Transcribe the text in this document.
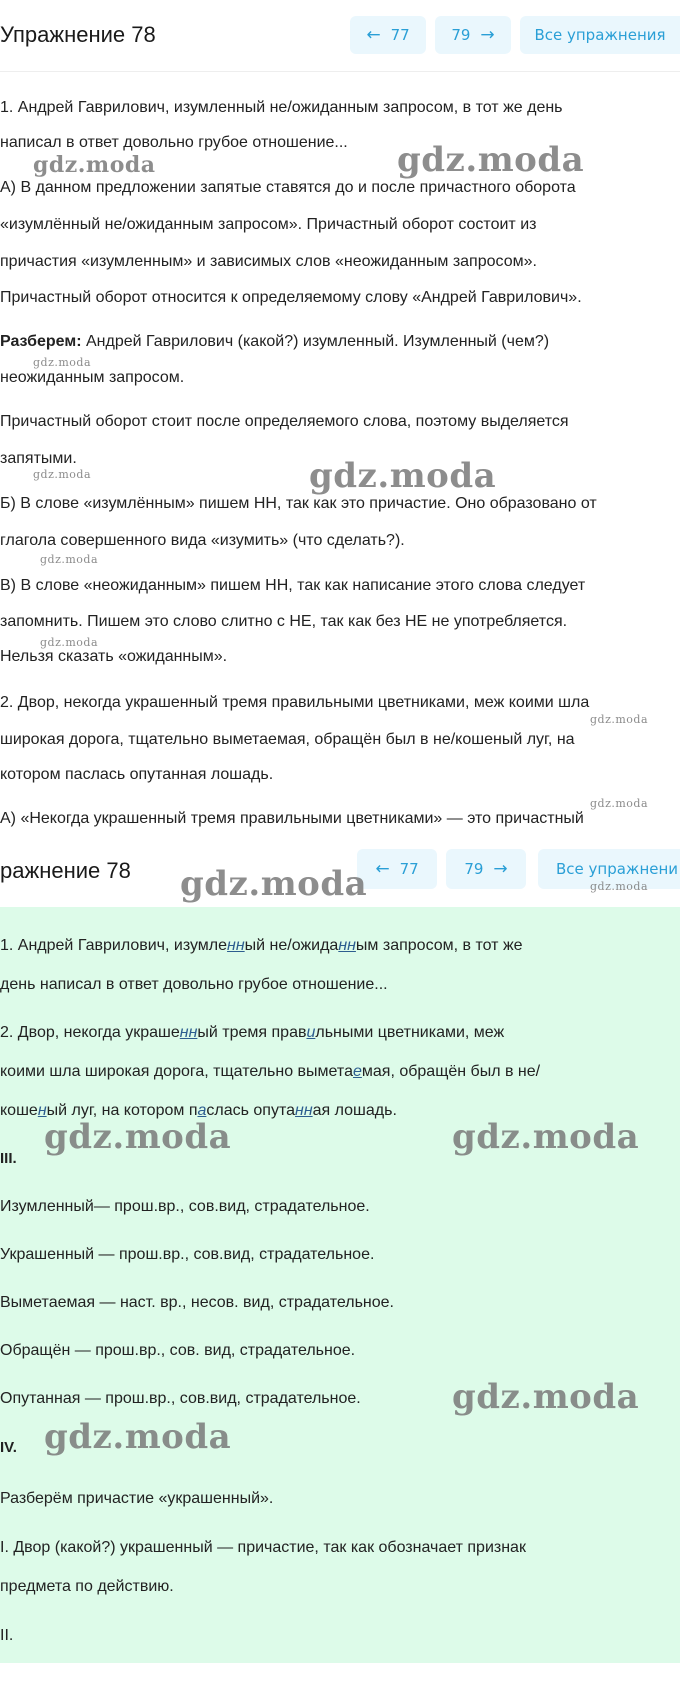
Упражнение 78	← 77	79 →	Все упражнения
1. Андрей Гаврилович, изумленный не/ожиданным запросом, в тот же день
написал в ответ довольно грубое отношение...
А) В данном предложении запятые ставятся до и после причастного оборота
«изумлённый не/ожиданным запросом». Причастный оборот состоит из
причастия «изумленным» и зависимых слов «неожиданным запросом».
Причастный оборот относится к определяемому слову «Андрей Гаврилович».
Разберем: Андрей Гаврилович (какой?) изумленный. Изумленный (чем?)
неожиданным запросом.
Причастный оборот стоит после определяемого слова, поэтому выделяется
запятыми.
Б) В слове «изумлённым» пишем НН, так как это причастие. Оно образовано от
глагола совершенного вида «изумить» (что сделать?).
В) В слове «неожиданным» пишем НН, так как написание этого слова следует
запомнить. Пишем это слово слитно с НЕ, так как без НЕ не употребляется.
Нельзя сказать «ожиданным».
2. Двор, некогда украшенный тремя правильными цветниками, меж коими шла
широкая дорога, тщательно выметаемая, обращён был в не/кошеный луг, на
котором паслась опутанная лошадь.
А) «Некогда украшенный тремя правильными цветниками» — это причастный
gdz.moda	gdz.moda
gdz.moda
gdz.moda	gdz.moda
gdz.moda
gdz.moda
gdz.moda
gdz.moda
ражнение 78	← 77	79 →	Все упражнени
gdz.moda	gdz.moda
1. Андрей Гаврилович, изумленный не/ожиданным запросом, в тот же
день написал в ответ довольно грубое отношение...
2. Двор, некогда украшенный тремя правильными цветниками, меж
коими шла широкая дорога, тщательно выметаемая, обращён был в не/
кошеный луг, на котором паслась опутанная лошадь.
III.
Изумленный— прош.вр., сов.вид, страдательное.
Украшенный — прош.вр., сов.вид, страдательное.
Выметаемая — наст. вр., несов. вид, страдательное.
Обращён — прош.вр., сов. вид, страдательное.
Опутанная — прош.вр., сов.вид, страдательное.
IV.
Разберём причастие «украшенный».
I. Двор (какой?) украшенный — причастие, так как обозначает признак
предмета по действию.
II.
gdz.moda	gdz.moda
gdz.moda
gdz.moda
